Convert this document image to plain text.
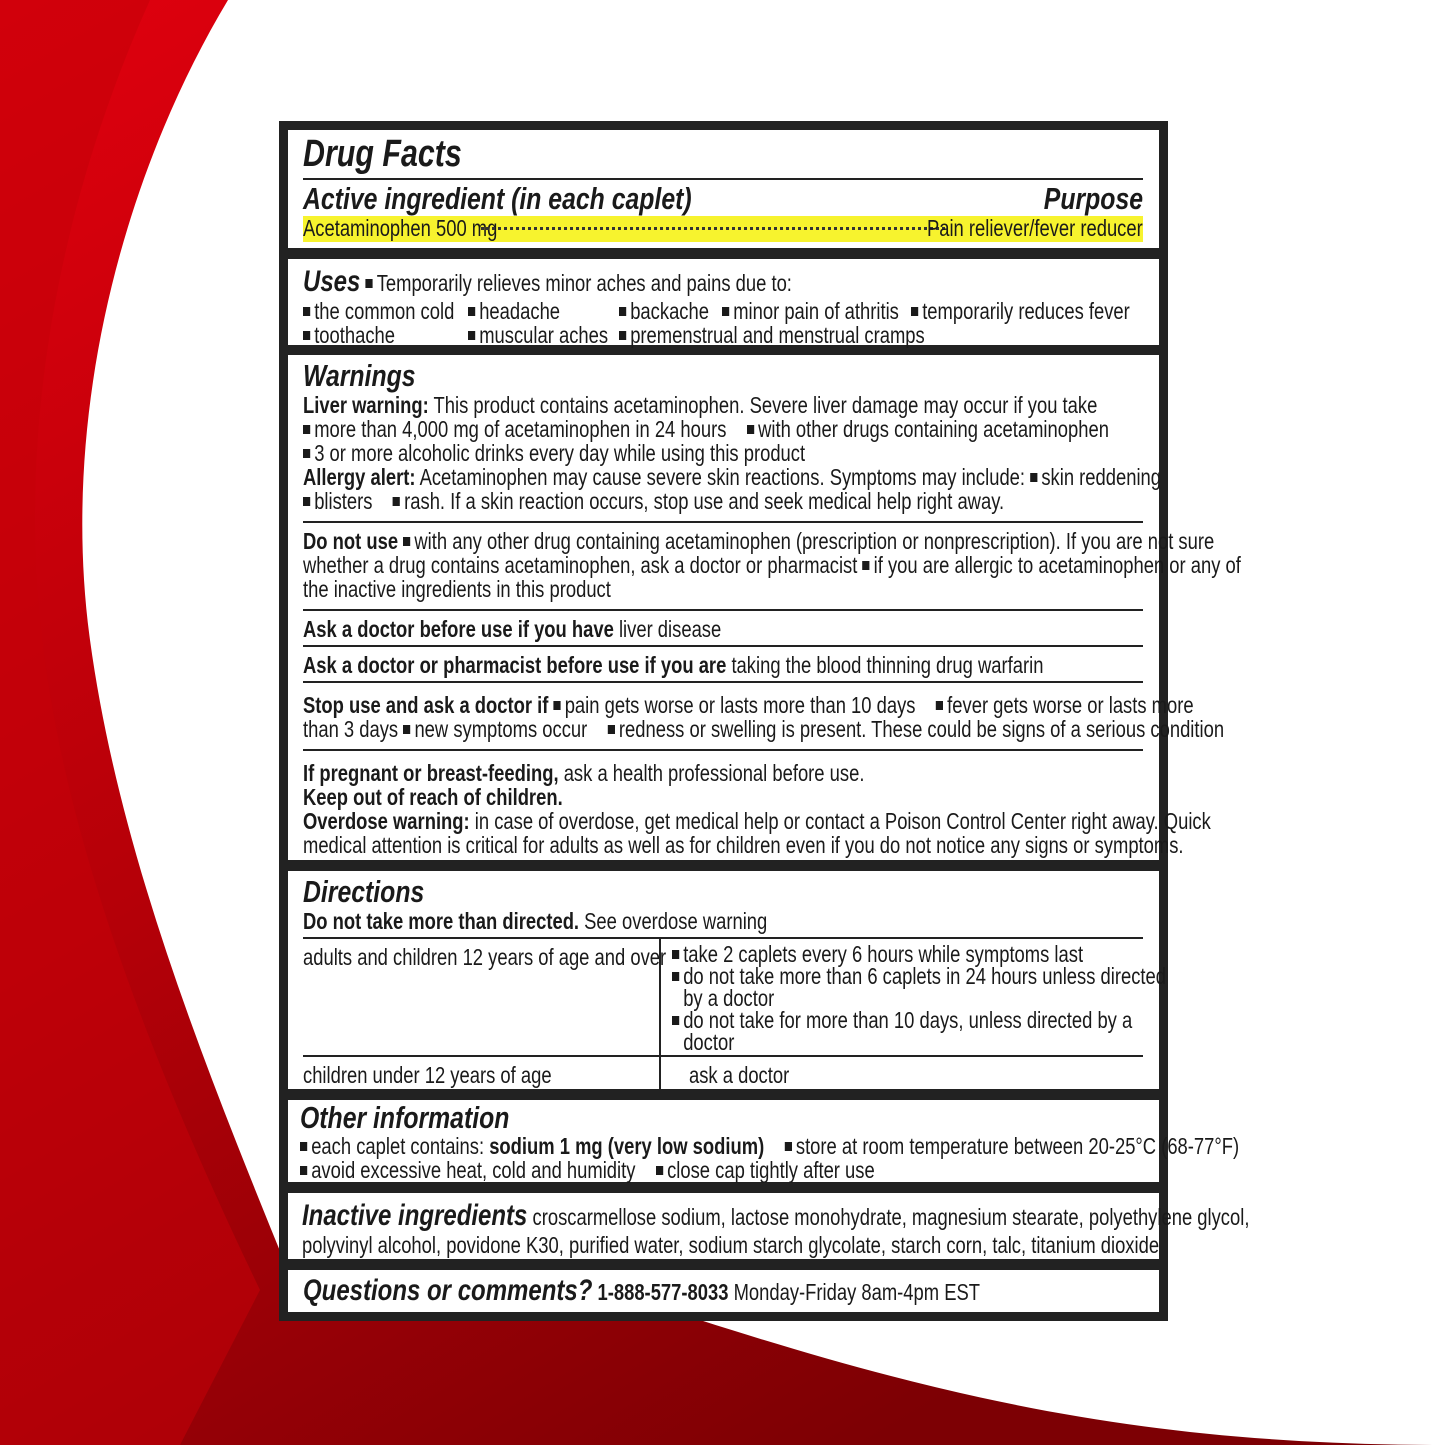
Drug Facts
Active ingredient (in each caplet)	Purpose
Acetaminophen 500 mg	Pain reliever/fever reducer
Uses Temporarily relieves minor aches and pains due to:
the common cold	headache	backache	minor pain of athritis	temporarily reduces fever
toothache	muscular aches premenstrual and menstrual cramps
Warnings
Liver warning: This product contains acetaminophen. Severe liver damage may occur if you take
more than 4,000 mg of acetaminophen in 24 hours with other drugs containing acetaminophen
3 or more alcoholic drinks every day while using this product
Allergy alert: Acetaminophen may cause severe skin reactions. Symptoms may include: skin reddening
blisters rash. If a skin reaction occurs, stop use and seek medical help right away.
Do not use with any other drug containing acetaminophen (prescription or nonprescription). If you are not sure
whether a drug contains acetaminophen, ask a doctor or pharmacist if you are allergic to acetaminophen or any of
the inactive ingredients in this product
Ask a doctor before use if you have liver disease
Ask a doctor or pharmacist before use if you are taking the blood thinning drug warfarin
Stop use and ask a doctor if pain gets worse or lasts more than 10 days fever gets worse or lasts more
than 3 days new symptoms occur redness or swelling is present. These could be signs of a serious condition
If pregnant or breast-feeding, ask a health professional before use.
Keep out of reach of children.
Overdose warning: in case of overdose, get medical help or contact a Poison Control Center right away. Quick
medical attention is critical for adults as well as for children even if you do not notice any signs or symptoms.
Directions
Do not take more than directed. See overdose warning
adults and children 12 years of age and over take 2 caplets every 6 hours while symptoms last
do not take more than 6 caplets in 24 hours unless directed
by a doctor
do not take for more than 10 days, unless directed by a
doctor
children under 12 years of age	ask a doctor
Other information
each caplet contains: sodium 1 mg (very low sodium) store at room temperature between 20-25°C (68-77°F)
avoid excessive heat, cold and humidity close cap tightly after use
Inactive ingredients croscarmellose sodium, lactose monohydrate, magnesium stearate, polyethylene glycol,
polyvinyl alcohol, povidone K30, purified water, sodium starch glycolate, starch corn, talc, titanium dioxide
Questions or comments? 1-888-577-8033 Monday-Friday 8am-4pm EST
